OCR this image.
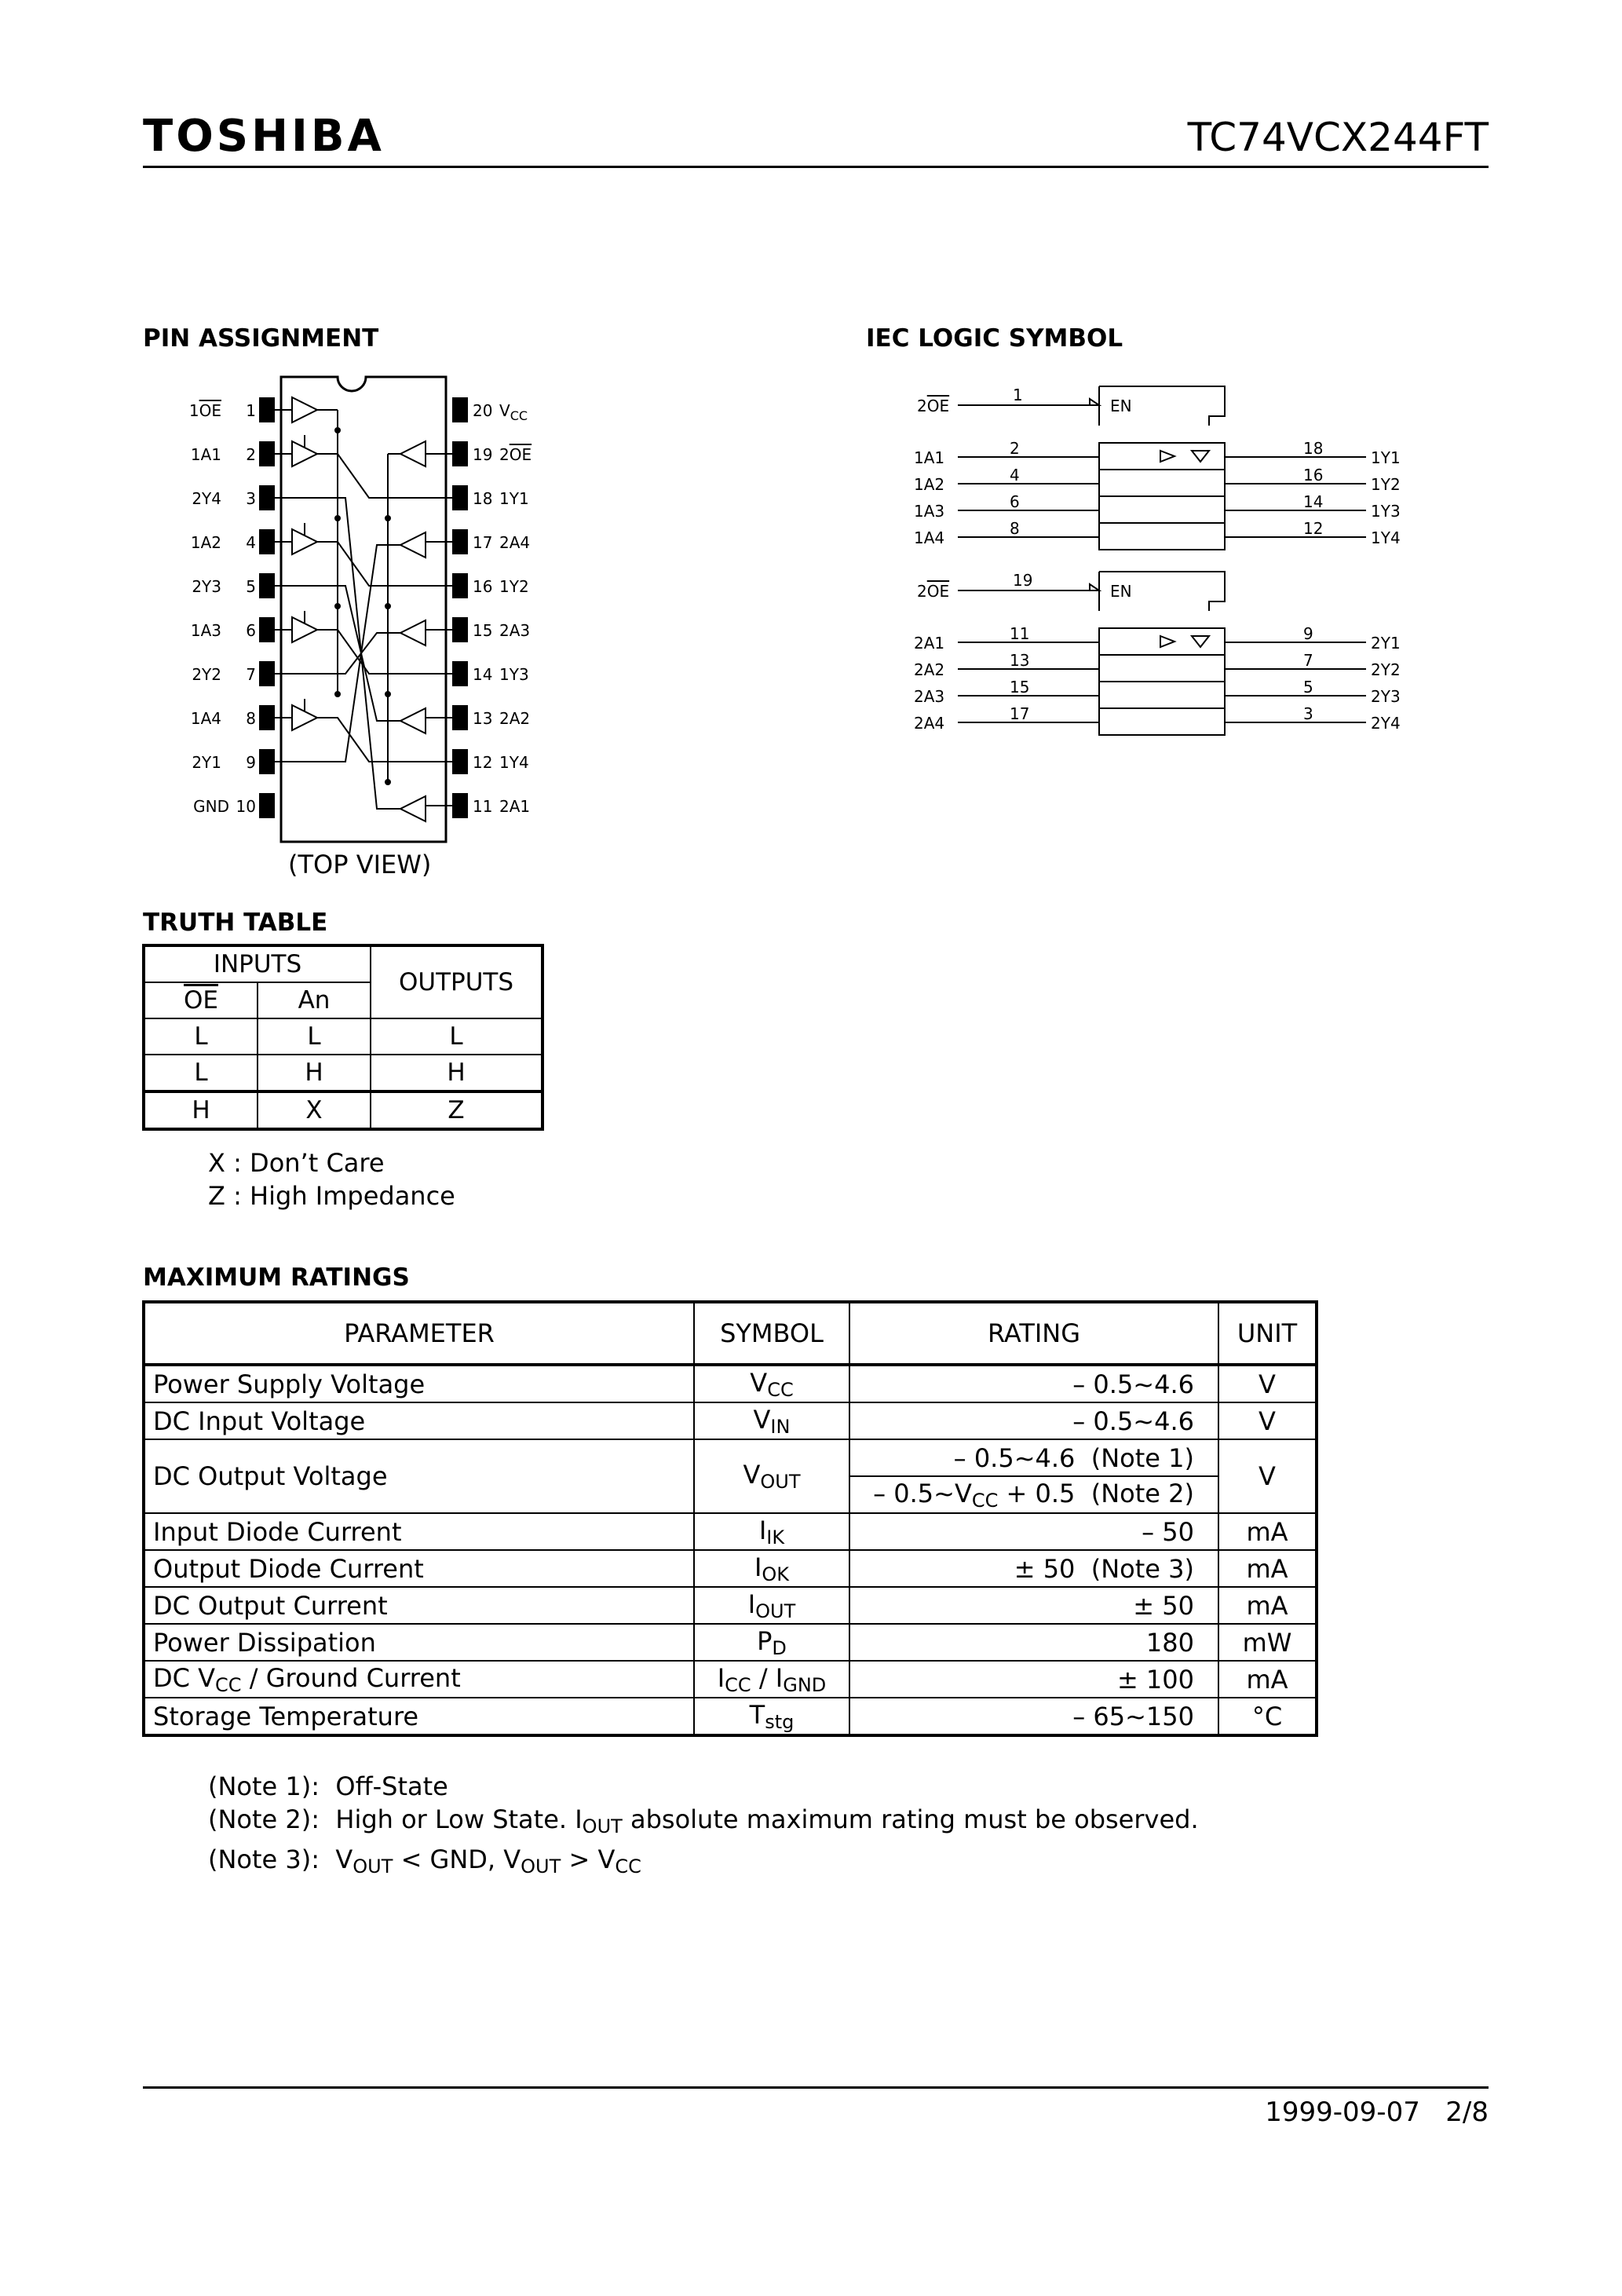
TOSHIBA	TC74VCX244FT
PIN ASSIGNMENT	IEC LOGIC SYMBOL
1
1OE
2
1A1
3
2Y4
4
1A2
5
2Y3
6
1A3
7
2Y2
8
1A4
9
2Y1
10
GND
20 $V_{CC}$
19 2OE
18 1Y1
17 2A4
16 1Y2
15 2A3
14 1Y3
13 2A2
12 1Y4
11 2A1
(TOP VIEW)
EN
2OE
1
1A1	2	18	1Y1
1A2	4	16	1Y2
1A3	6	14	1Y3
1A4	8	12	1Y4
EN
2OE
19
2A1	11	9	2Y1
2A2	13	7	2Y2
2A3	15	5	2Y3
2A4	17	3	2Y4
TRUTH TABLE
INPUTS		OUTPUTS
$\overline{OE}$	An	
L	L	L
L	H	H
H	X	Z
X : Don’t Care
Z : High Impedance
MAXIMUM RATINGS
PARAMETER	SYMBOL	RATING	UNIT
Power Supply Voltage	$V_{CC}$	– 0.5~4.6	V
DC Input Voltage	$V_{IN}$	– 0.5~4.6	V
DC Output Voltage	$V_{OUT}$	– 0.5~4.6  (Note 1)	V
		– $0.5\sim V_{CC} + 0.5$  (Note 2)	
Input Diode Current	$I_{IK}$	– 50	mA
Output Diode Current	$I_{OK}$	± 50  (Note 3)	mA
DC Output Current	$I_{OUT}$	± 50	mA
Power Dissipation	$P_D$	180	mW
DC $V_{CC}$ / Ground Current	$I_{CC} / I_{GND}$	± 100	mA
Storage Temperature	$T_{stg}$	– 65~150	°C
(Note 1): Off-State
(Note 2): High or Low State. $I_{OUT}$ absolute maximum rating must be observed.
(Note 3): $V_{OUT}$ < GND, $V_{OUT} > V_{CC}$
1999-09-07 2/8
